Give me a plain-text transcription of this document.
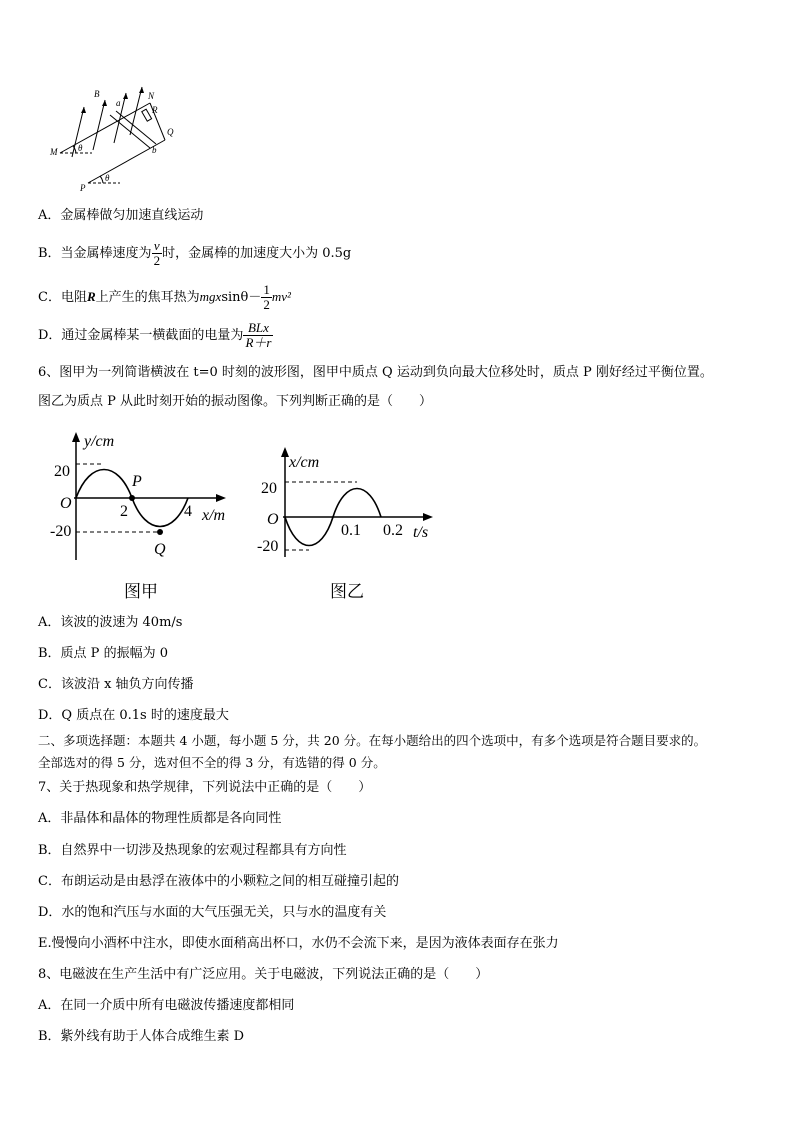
B
a
N
R
Q
M θ	b
P
θ
A．金属棒做匀加速直线运动
B．当金属棒速度为 $\frac{v}{2}$ 时，金属棒的加速度大小为 0.5g
C．电阻R上产生的焦耳热为$mgxsin\theta- \frac{1}{2} mv^2$
D．通过金属棒某一横截面的电量为 $\frac{\text{BLx}}{R+r}$
6、图甲为一列简谐横波在 t=0 时刻的波形图，图甲中质点 Q 运动到负向最大位移处时，质点 P 刚好经过平衡位置。
图乙为质点 P 从此时刻开始的振动图像。下列判断正确的是（　　）
y/cm
20
O
-20
P
2	4 x/m
Q
图甲
x/cm
20
O
-20
0.1 0.2 t/s
图乙
A．该波的波速为 40m/s
B．质点 P 的振幅为 0
C．该波沿 x 轴负方向传播
D．Q 质点在 0.1s 时的速度最大
二、多项选择题：本题共 4 小题，每小题 5 分，共 20 分。在每小题给出的四个选项中，有多个选项是符合题目要求的。
全部选对的得 5 分，选对但不全的得 3 分，有选错的得 0 分。
7、关于热现象和热学规律，下列说法中正确的是（　　）
A．非晶体和晶体的物理性质都是各向同性
B．自然界中一切涉及热现象的宏观过程都具有方向性
C．布朗运动是由悬浮在液体中的小颗粒之间的相互碰撞引起的
D．水的饱和汽压与水面的大气压强无关，只与水的温度有关
E.慢慢向小酒杯中注水，即使水面稍高出杯口，水仍不会流下来，是因为液体表面存在张力
8、电磁波在生产生活中有广泛应用。关于电磁波，下列说法正确的是（　　）
A．在同一介质中所有电磁波传播速度都相同
B．紫外线有助于人体合成维生素 D
